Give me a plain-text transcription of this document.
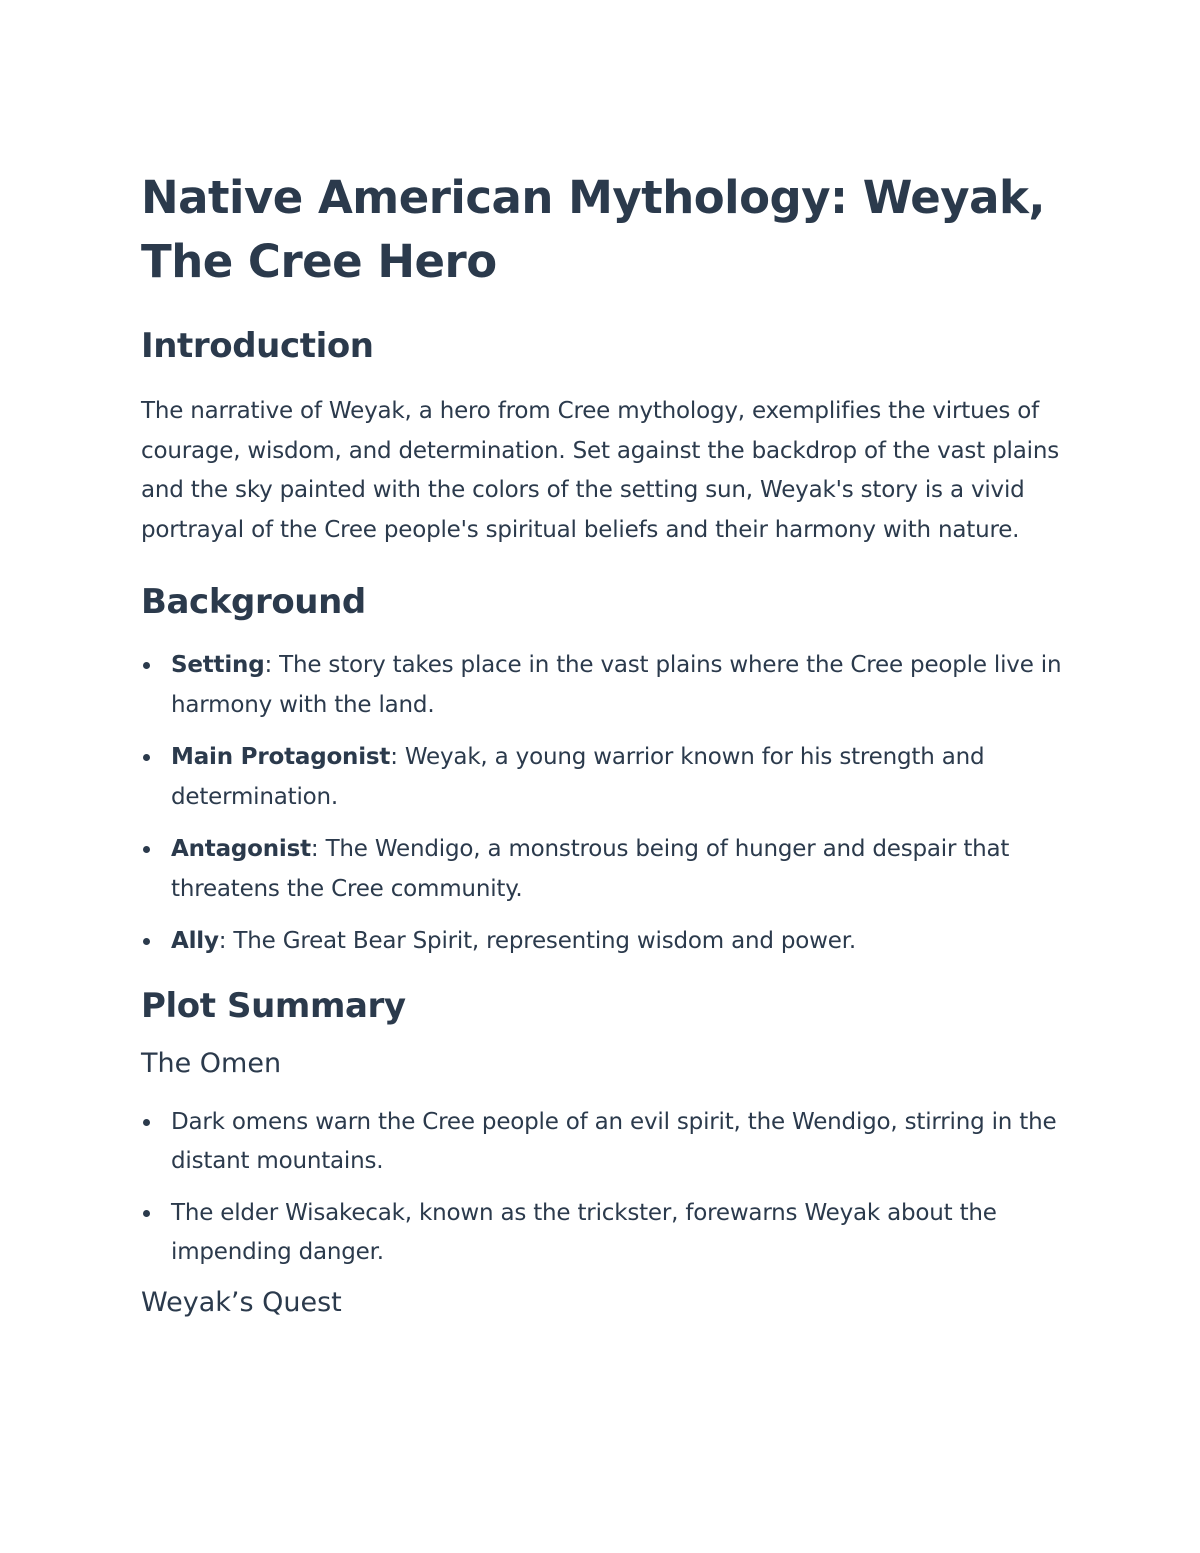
Native American Mythology: Weyak, The Cree Hero
Introduction

The narrative of Weyak, a hero from Cree mythology, exemplifies the virtues of courage, wisdom, and determination. Set against the backdrop of the vast plains and the sky painted with the colors of the setting sun, Weyak's story is a vivid portrayal of the Cree people's spiritual beliefs and their harmony with nature.

Background
Setting: The story takes place in the vast plains where the Cree people live in harmony with the land.
Main Protagonist: Weyak, a young warrior known for his strength and determination.
Antagonist: The Wendigo, a monstrous being of hunger and despair that threatens the Cree community.
Ally: The Great Bear Spirit, representing wisdom and power.
Plot Summary
The Omen
Dark omens warn the Cree people of an evil spirit, the Wendigo, stirring in the distant mountains.
The elder Wisakecak, known as the trickster, forewarns Weyak about the impending danger.
Weyak’s Quest
